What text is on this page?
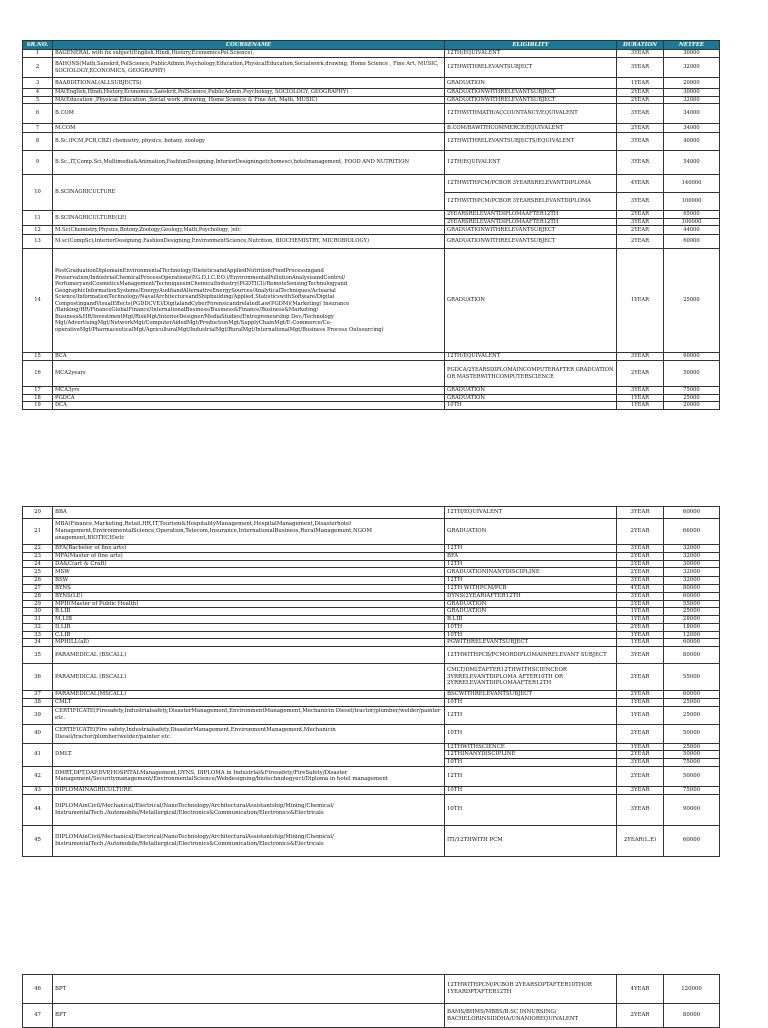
SR.NO.	COURSENAME	ELIGIBLITY	DURATION	NETFEE
1	BAGENERAL with fix subject(English,Hindi,History,EconomicsPol.Science),	12TH/EQUIVALENT	3YEAR	30000
2	BAHONS(Math,Sanskrit,PolScience,PublicAdmin,Psychology,Education,PhysicalEducation,Socialwork,drawing, Home Science , Fine Art, MUSIC, SOCIOLOGY,ECONOMICS, GEOGRAPHY)	12THWITHRELEVANTSUBJECT	3YEAR	32000
3	BAADDITIONAL(ALLSUBJECTS)	GRADUATION	1YEAR	20000
4	MA(English,Hindi,History,Economics,Sanskrit,PolScience,PublicAdmin,Psychology, SOCIOLOGY, GEOGRAPHY)	GRADUATIONWITHRELEVANTSUBJECT	2YEAR	30000
5	MA(Education ,Physical Education ,Social work ,drawing, Home Science & Fine Art, Math, MUSIC)	GRADUATIONWITHRELEVANTSUBJECT	2YEAR	32000
6	B.COM	12THWITHMATH/ACCOUNTANCY/EQUIVALENT	3YEAR	34000
7	M.COM	B.COM/BAWITHCOMMERCE/EQUIVALENT	2YEAR	34000
8	B.Sc.(PCM,PCB,CBZ) chemistry, physics, botany, zoology	12THWITHRELEVANTSUBJECTS/EQUIVALENT	3YEAR	40000
9	B.Sc.,IT,Comp.Sci,Multimedia&Animation,FashionDesigning,InteriorDesigningetchomesci,hotelmanagement, FOOD AND NUTRITION	12TH/EQUIVALENT	3YEAR	54000
10	B.SCINAGRICULTURE	12THWITHPCM/PCBOR 3YEARSRELEVANTDIPLOMA	4YEAR	140000
		12THWITHPCM/PCBOR 3YEARSRELEVANTDIPLOMA	3YEAR	100000
11	B.SCINAGRICULTURE(LE)	2YEARSRELEVANTDIPLOMAAFTER12TH	2YEAR	65000
		2YEARSRELEVANTDIPLOMAAFTER12TH	3YEAR	100000
12	M.Sc(Chemistry,Physics,Botony,Zoology,Geology,Math,Psychology, )etc	GRADUATIONWITHRELEVANTSUBJECT	2YEAR	44000
13	M.sc(CompSci,InteriorDesigning,FashionDesigning,EnvironmentScience,Nutrition, BIOCHEMISTRY, MICROBIOLOGY)	GRADUATIONWITHRELEVANTSUBJECT	2YEAR	60000
14	PostGraduationDiplomainEnvironmentalTechnology/DieteticsandAppliedNutrition/FoodProcessingand Preservation/IndustrialChemicalProcessOperations(P.G.D.I.C.P.O.)/EnvironmentalPollutionAnalysisandControl/ PerfumeryandCosmeticsManagement/TechniquesinChemicalIndustry(PGDTICI)/RemoteSensingTechnologyand GeographicInformationSystems/EnergyAuditandAlternativeEnergySources/AnalyticalTechniques/Actuarial Science/InformationTechnology/NavalArchitectureandShipbuilding/Applied,StatisticswithSoftware/Digital CompostingandVisualEffects(PGDDCVE)/DigitalandCyberForensicandrelatedLaw(PGDM)(Marketing/ Insurance /Banking/HR/FinanceGlobalFinance/InternationalBusiness/Business&Finance/Business&Marketing/ Business&HR/InvestmentMgt/RiskMgt/InteriorDesigner/MediaStudies/Entrepreneurship Dev./Technology Mgt/AdvertisingMgt/NetworkMgt/ComputerAidedMgt/ProductionMgt/SupplyChainMgt/E-Commerce/Co- operativeMgt/PharmaceuticalMgt/AgriculturalMgt/IndustrialMgt/RuralMgt/InternationalMgt/Business Process Outsourcing)	GRADUATION	1YEAR	25000
15	BCA	12TH/EQUIVALENT	3YEAR	60000
16	MCA2years	PGDCA/2YEARSDIPLOMAINCOMPUTERAFTER GRADUATION OR MASTERWITHCOMPUTERSCIENCE	2YEAR	50000
17	MCA3yrs	GRADUATION	3YEAR	75000
18	PGDCA	GRADUATION	1YEAR	25000
19	DCA	10TH	1YEAR	20000
20	BBA	12TH/EQUIVALENT	3YEAR	60000
21	MBA(Finance,Marketing,Retail,HR,IT,Tourism&HospitalityManagement,HospitalManagement,Disasterhotel Management,EnvironmentalScience,Operation,Telecom,Insurance,InternationalBusiness,RuralManagement,NGOM anagement,BIOTECH)etc	GRADUATION	2YEAR	66000
22	BFA(Bachelor of fine arts)	12TH	3YEAR	32000
23	MFA(Master of fine arts)	BFA	2YEAR	32000
24	DA&C(art & Craft)	12TH	2YEAR	30000
25	MSW	GRADUATIONINANYDISCIPLINE	2YEAR	32000
26	BSW	12TH	3YEAR	32000
27	BYNS	12TH WITHPCM/PCB	4YEAR	80000
28	BYNS(LE)	DYNS(2YEAR)AFTER12TH	3YEAR	60000
29	MPH(Master of Public Health)	GRADUATION	2YEAR	55000
30	B.LIB	GRADUATION	1YEAR	25000
31	M.LIB	B.LIB	1YEAR	28000
32	D.LIB	10TH	2YEAR	18000
33	C.LIB	10TH	1YEAR	12000
34	MPHILL(all)	PGWITHRELEVANTSUBJECT	1YEAR	60000
35	PARAMEDICAL (BSCALL)	12THWITHPCB/PCMORDIPLOMAINRELEVANT SUBJECT	3YEAR	80000
36	PARAMEDICAL (BSCALL)	CMLT/DMLTAFTER12THWITHSCIENCEOR 3YRRELEVANTDIPLOMA AFTER10TH OR 2YRRELEVANTDIPLOMAAFTER12TH	2YEAR	55000
37	PARAMEDICAL(MSCALL)	BSCWITHRELEVANTSUBJECT	2YEAR	60000
38	CMLT	10TH	1YEAR	25000
39	CERTIFICATE(Firesafety,Industrialsafety,DisasterManagement,EnvironmentManagement,Mechanicin Diesel/tractor/plumber/welder/painter etc.	12TH	1YEAR	25000
40	CERTIFICATE(Fire safety,Industrialsafety,DisasterManagement,EnvironmentManagement,Mechanicin Diesel/tractor/plumber/welder/painter etc.	10TH	2YEAR	50000
41	DMLT	12THWITHSCIENCE	1YEAR	25000
		12THINANYDISCIPLINE	2YEAR	50000
		10TH	3YEAR	75000
42	DMRT,DPT,DAP,DVP,HOSPITALManagement,DYNS, DIPLOMA in Industrial&Firesafety/FireSafety/Disaster Management/Securitymanagement/EnvironmentalScience/Webdesigning/biotechnologyect/Diploma in hotel management	12TH	2YEAR	50000
43	DIPLOMAINAGRICULTURE	10TH	3YEAR	75000
44	DIPLOMAinCivil/Mechanical/Electrical/NanoTechnology/ArchitecturalAssistantship/Mining/Chemical/ InstrumentalTech./Automobile/Metallurgical/Electronics&Communication/Electronics&Electricals	10TH	3YEAR	90000
45	DIPLOMAinCivil/Mechanical/Electrical/NanoTechnology/ArchitecturalAssistantship/Mining/Chemical/ InstrumentalTech./Automobile/Metallurgical/Electronics&Communication/Electronics&Electricals	ITI/12THWITH PCM	2YEAR(L.E)	60000
46	BPT	12THWITHPCM/PCBOR 2YEARSDPTAFTER10THOR 1YEARDPTAFTER12TH	4YEAR	120000
47	BPT	BAMS/BHMS/MBBS/B.SC INNURSING/ BACHELORINSIDDHA/UNANIOREQUIVALENT	2YEAR	80000
